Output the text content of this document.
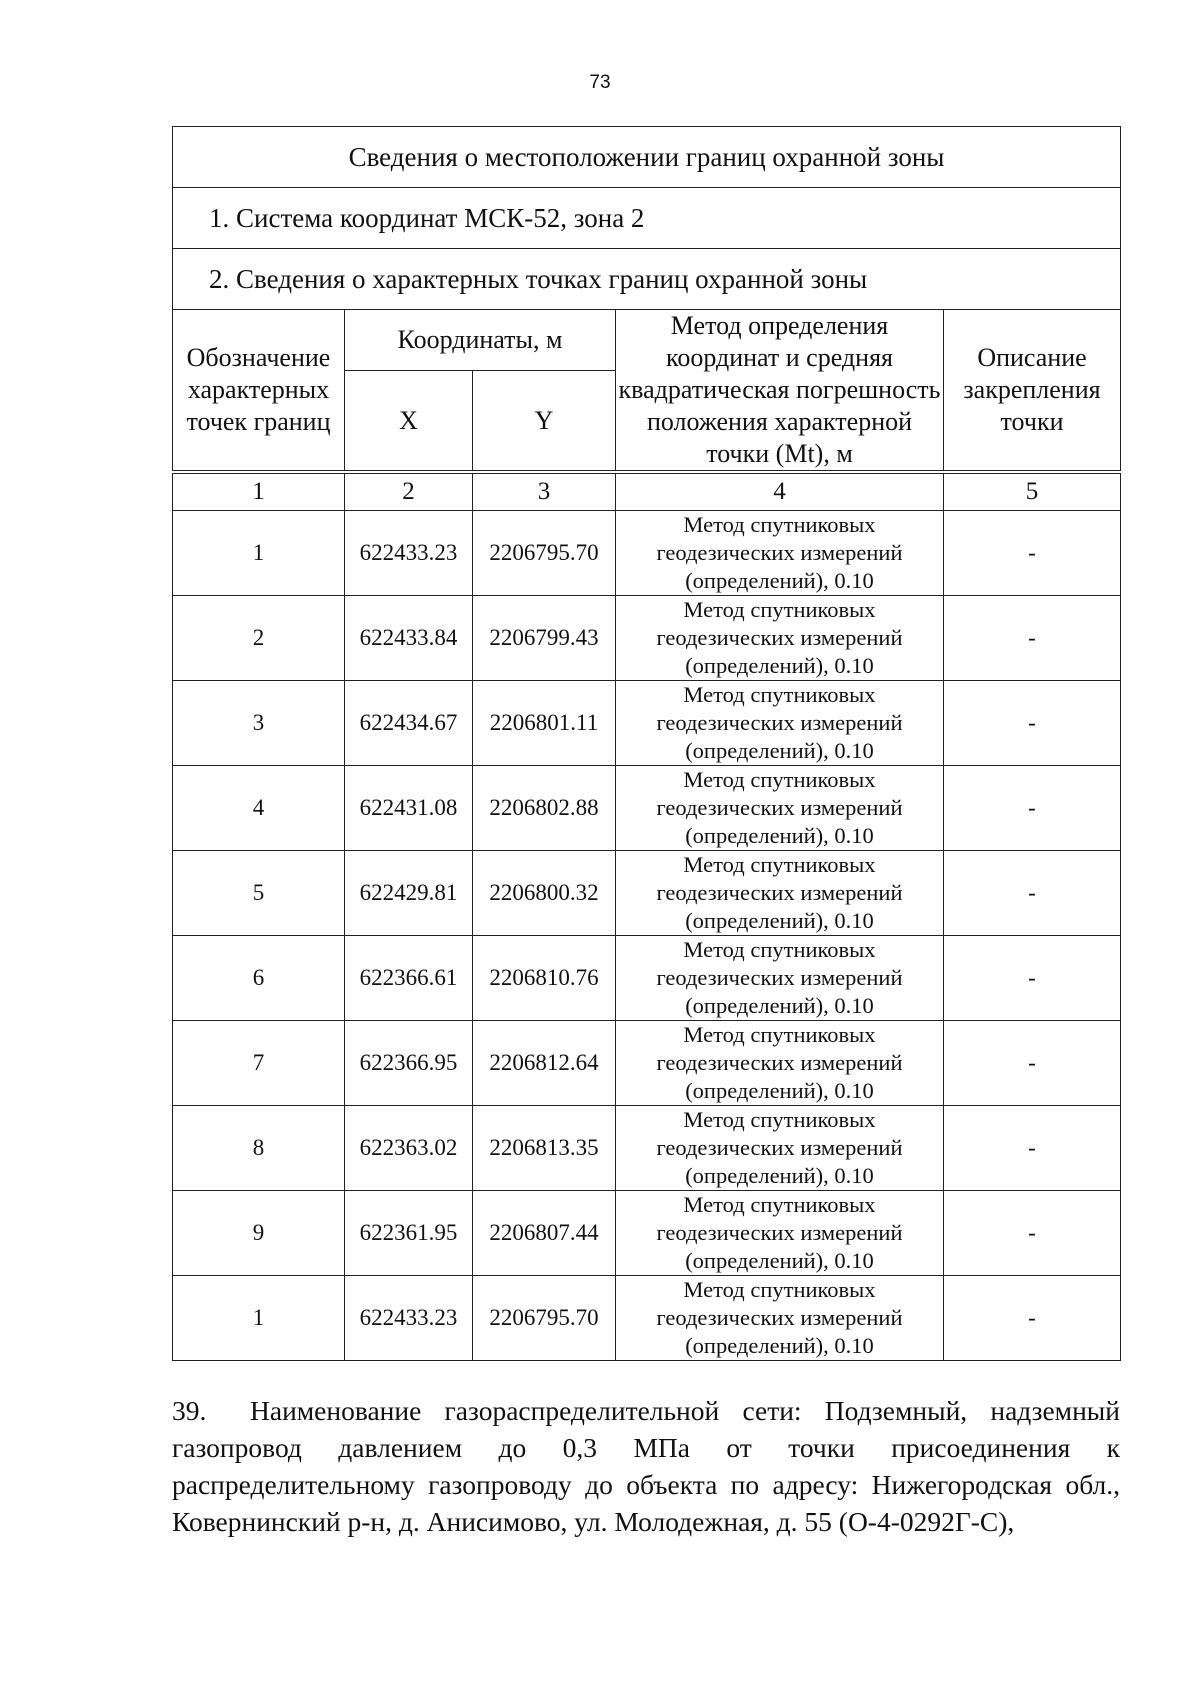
73
Сведения о местоположении границ охранной зоны				
1. Система координат МСК-52, зона 2				
2. Сведения о характерных точках границ охранной зоны				
Обозначение характерных точек границ	Координаты, м		Метод определения координат и средняя квадратическая погрешность положения характерной точки (Mt), м	Описание закрепления точки
	X	Y		
1	2	3	4	5
1	622433.23	2206795.70	Метод спутниковых геодезических измерений (определений), 0.10	-
2	622433.84	2206799.43	Метод спутниковых геодезических измерений (определений), 0.10	-
3	622434.67	2206801.11	Метод спутниковых геодезических измерений (определений), 0.10	-
4	622431.08	2206802.88	Метод спутниковых геодезических измерений (определений), 0.10	-
5	622429.81	2206800.32	Метод спутниковых геодезических измерений (определений), 0.10	-
6	622366.61	2206810.76	Метод спутниковых геодезических измерений (определений), 0.10	-
7	622366.95	2206812.64	Метод спутниковых геодезических измерений (определений), 0.10	-
8	622363.02	2206813.35	Метод спутниковых геодезических измерений (определений), 0.10	-
9	622361.95	2206807.44	Метод спутниковых геодезических измерений (определений), 0.10	-
1	622433.23	2206795.70	Метод спутниковых геодезических измерений (определений), 0.10	-

39. Наименование газораспределительной сети: Подземный, надземный газопровод давлением до 0,3 МПа от точки присоединения к распределительному газопроводу до объекта по адресу: Нижегородская обл., Ковернинский р-н, д. Анисимово, ул. Молодежная, д. 55 (О-4-0292Г-С),
